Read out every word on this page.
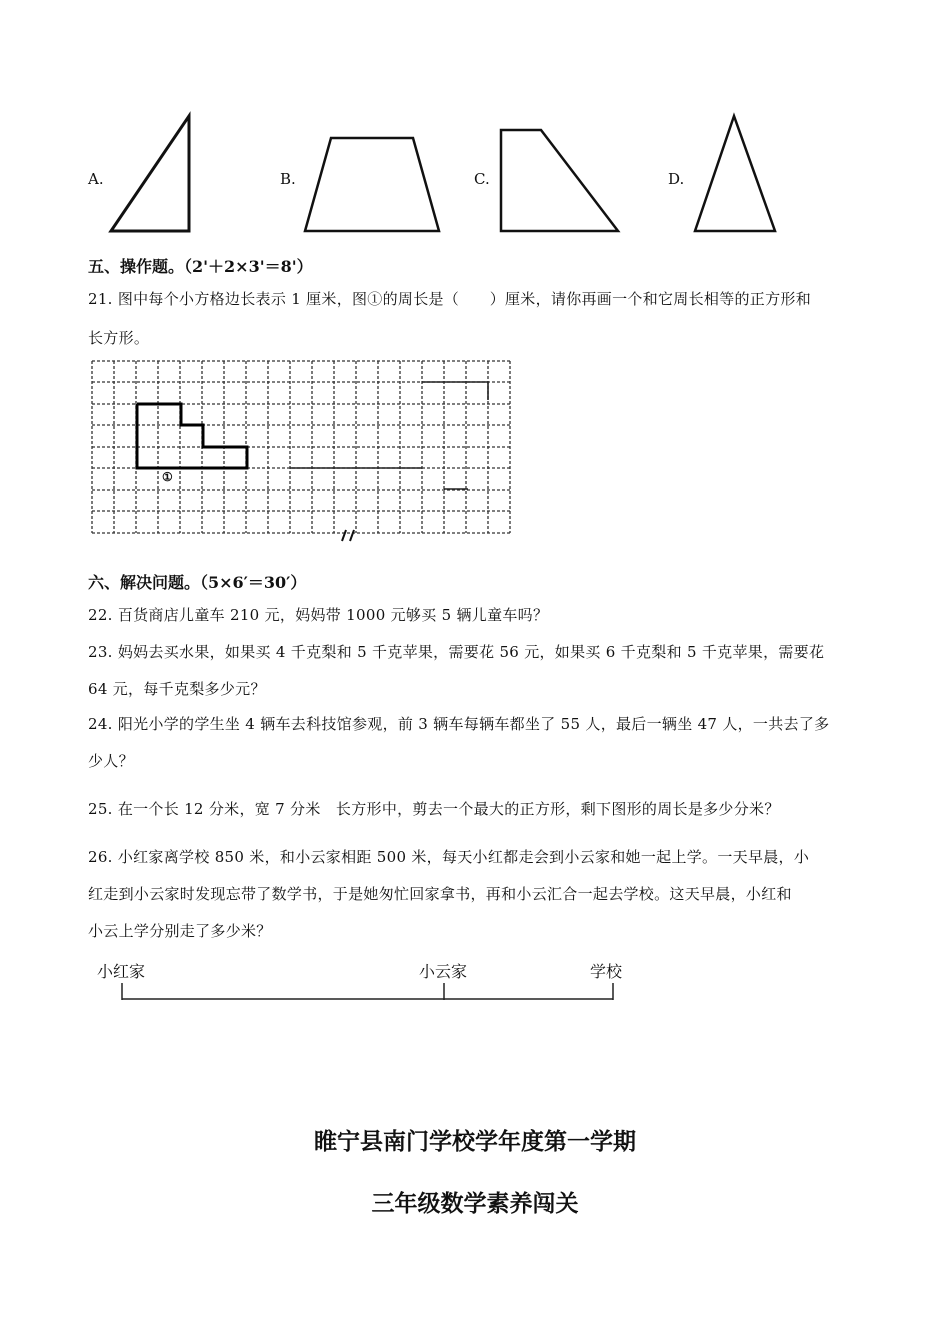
A.	B.	C.	D.
五、操作题。（2'＋2×3'＝8'）
21. 图中每个小方格边长表示 1 厘米，图①的周长是（　　）厘米，请你再画一个和它周长相等的正方形和
长方形。
①
六、解决问题。（5×6′＝30′）
22. 百货商店儿童车 210 元，妈妈带 1000 元够买 5 辆儿童车吗？
23. 妈妈去买水果，如果买 4 千克梨和 5 千克苹果，需要花 56 元，如果买 6 千克梨和 5 千克苹果，需要花
64 元，每千克梨多少元？
24. 阳光小学的学生坐 4 辆车去科技馆参观，前 3 辆车每辆车都坐了 55 人，最后一辆坐 47 人，一共去了多
少人？
25. 在一个长 12 分米，宽 7 分米　长方形中，剪去一个最大的正方形，剩下图形的周长是多少分米？
26. 小红家离学校 850 米，和小云家相距 500 米，每天小红都走会到小云家和她一起上学。一天早晨，小
红走到小云家时发现忘带了数学书，于是她匆忙回家拿书，再和小云汇合一起去学校。这天早晨，小红和
小云上学分别走了多少米？
小红家	小云家	学校
睢宁县南门学校学年度第一学期
三年级数学素养闯关
